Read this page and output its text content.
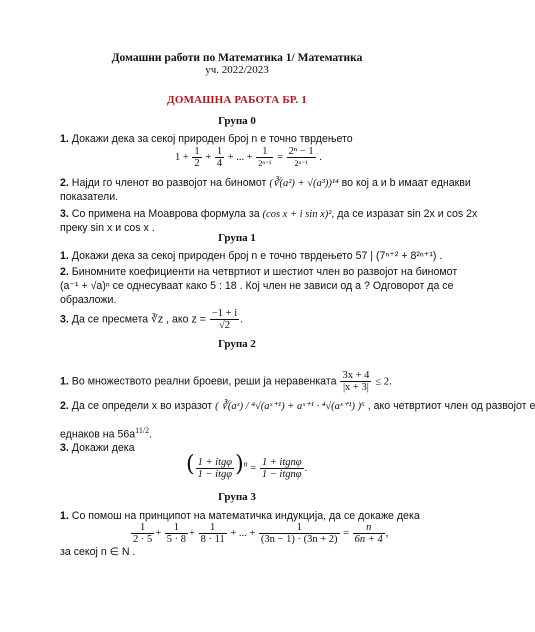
Домашни работи по Математика 1/ Математика
уч. 2022/2023
ДОМАШНА РАБОТА БР. 1
Група 0
1. Докажи дека за секој природен број n е точно тврдењето
$1 + \frac{1}{2} + \frac{1}{4}$ + ... + $\frac{1}{\text{2ⁿ⁻¹}} = \frac{\text{2ⁿ − 1}}{\text{2ⁿ⁻¹}}$ .
2. Најди го членот во развојот на биномот (∛(a²) + √(a³))¹⁴ во кој a и b имаат еднакви
показатели.
3. Со примена на Моаврова формула за (cos x + i sin x)², да се изразат sin 2x и cos 2x
преку sin x и cos x .
Група 1
1. Докажи дека за секој природен број n е точно тврдењето 57 | (7ⁿ⁺² + 8²ⁿ⁺¹) .
2. Биномните коефициенти на четвртиот и шестиот член во развојот на биномот
(a⁻¹ + √a)ⁿ се однесуваат како 5 : 18 . Кој член не зависи од a ? Одговорот да се
образложи.
3. Да се пресмета ∛z , ако $z = \frac{-1 + i}{√2}$ .
Група 2
1. Во множеството реални броеви, реши ја неравенката $\frac{3x + 4}{|x + 3|} \le 2$.
2. Да се определи x во изразот ( ∛(aˣ) / ⁴√(aˣ⁺¹) + aˣ⁺¹ · ⁴√(aˣ⁺¹) )⁶ , ако четвртиот член од развојот е
еднаков на $56a^{11/2}$.
3. Докажи дека
( $\frac{\text{1 + itgφ}}{\text{1 − itgφ}} )^n = \frac{\text{1 + itgnφ}}{\text{1 − itgnφ}}$ .
Група 3
1. Со помош на принципот на математичка индукција, да се докаже дека
$\frac{1}{2 \cdot 5} + \frac{1}{5 \cdot 8} + \frac{1}{8 \cdot 11}$ + ... + $\frac{1}{(3n - 1) \cdot (3n + 2)} = \frac{n}{6n + 4}$ ,
за секој n ∈ N .
